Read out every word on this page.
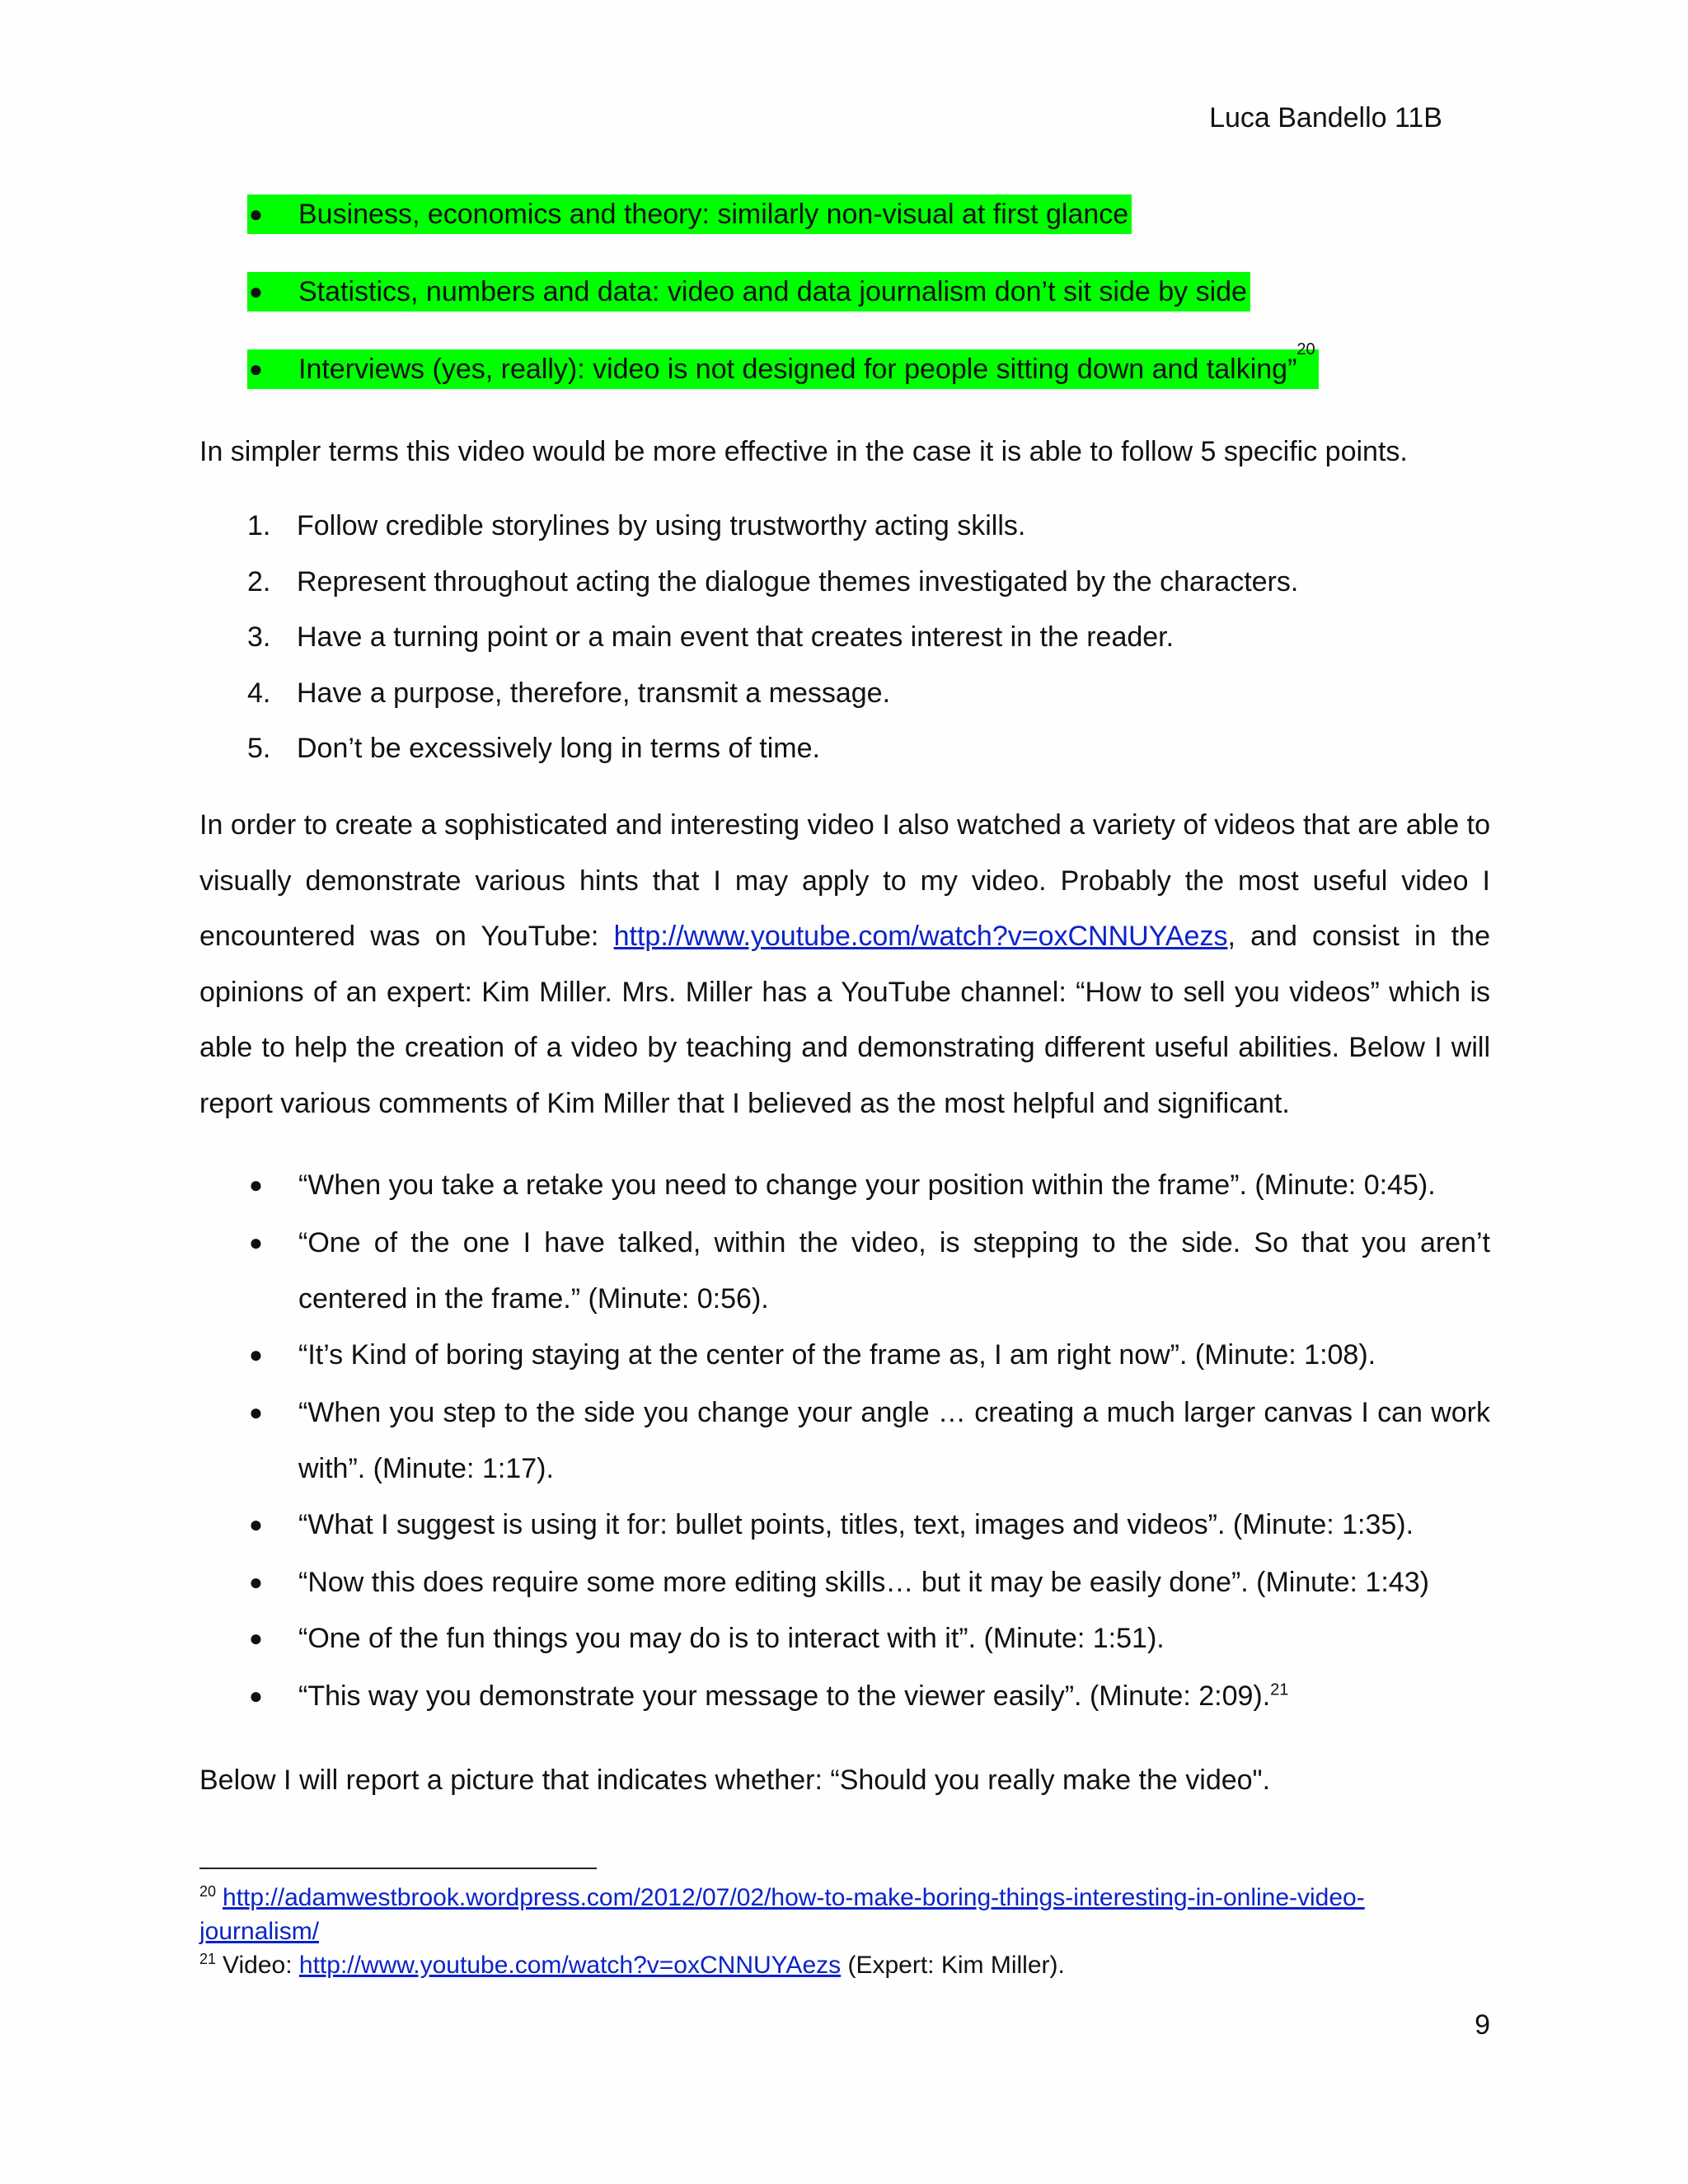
Luca Bandello 11B
●	Business, economics and theory: similarly non-visual at first glance
●	Statistics, numbers and data: video and data journalism don’t sit side by side
●	Interviews (yes, really): video is not designed for people sitting down and talking”
20
In simpler terms this video would be more effective in the case it is able to follow 5 specific points.
1. Follow credible storylines by using trustworthy acting skills.
2. Represent throughout acting the dialogue themes investigated by the characters.
3. Have a turning point or a main event that creates interest in the reader.
4. Have a purpose, therefore, transmit a message.
5. Don’t be excessively long in terms of time.
In order to create a sophisticated and interesting video I also watched a variety of videos that are able to
visually demonstrate various hints that I may apply to my video. Probably the most useful video I
encountered was on YouTube: http://www.youtube.com/watch?v=oxCNNUYAezs, and consist in the
opinions of an expert: Kim Miller. Mrs. Miller has a YouTube channel: “How to sell you videos” which is
able to help the creation of a video by teaching and demonstrating different useful abilities. Below I will
report various comments of Kim Miller that I believed as the most helpful and significant.
●	“When you take a retake you need to change your position within the frame”. (Minute: 0:45).
●	“One of the one I have talked, within the video, is stepping to the side. So that you aren’t
centered in the frame.” (Minute: 0:56).
●	“It’s Kind of boring staying at the center of the frame as, I am right now”. (Minute: 1:08).
●	“When you step to the side you change your angle … creating a much larger canvas I can work
with”. (Minute: 1:17).
●	“What I suggest is using it for: bullet points, titles, text, images and videos”. (Minute: 1:35).
●	“Now this does require some more editing skills… but it may be easily done”. (Minute: 1:43)
●	“One of the fun things you may do is to interact with it”. (Minute: 1:51).
●	“This way you demonstrate your message to the viewer easily”. (Minute: 2:09).$^{21}$
Below I will report a picture that indicates whether: “Should you really make the video".
$^{20}$ http://adamwestbrook.wordpress.com/2012/07/02/how-to-make-boring-things-interesting-in-online-video-
journalism/
$^{21}$ Video: http://www.youtube.com/watch?v=oxCNNUYAezs (Expert: Kim Miller).
9
